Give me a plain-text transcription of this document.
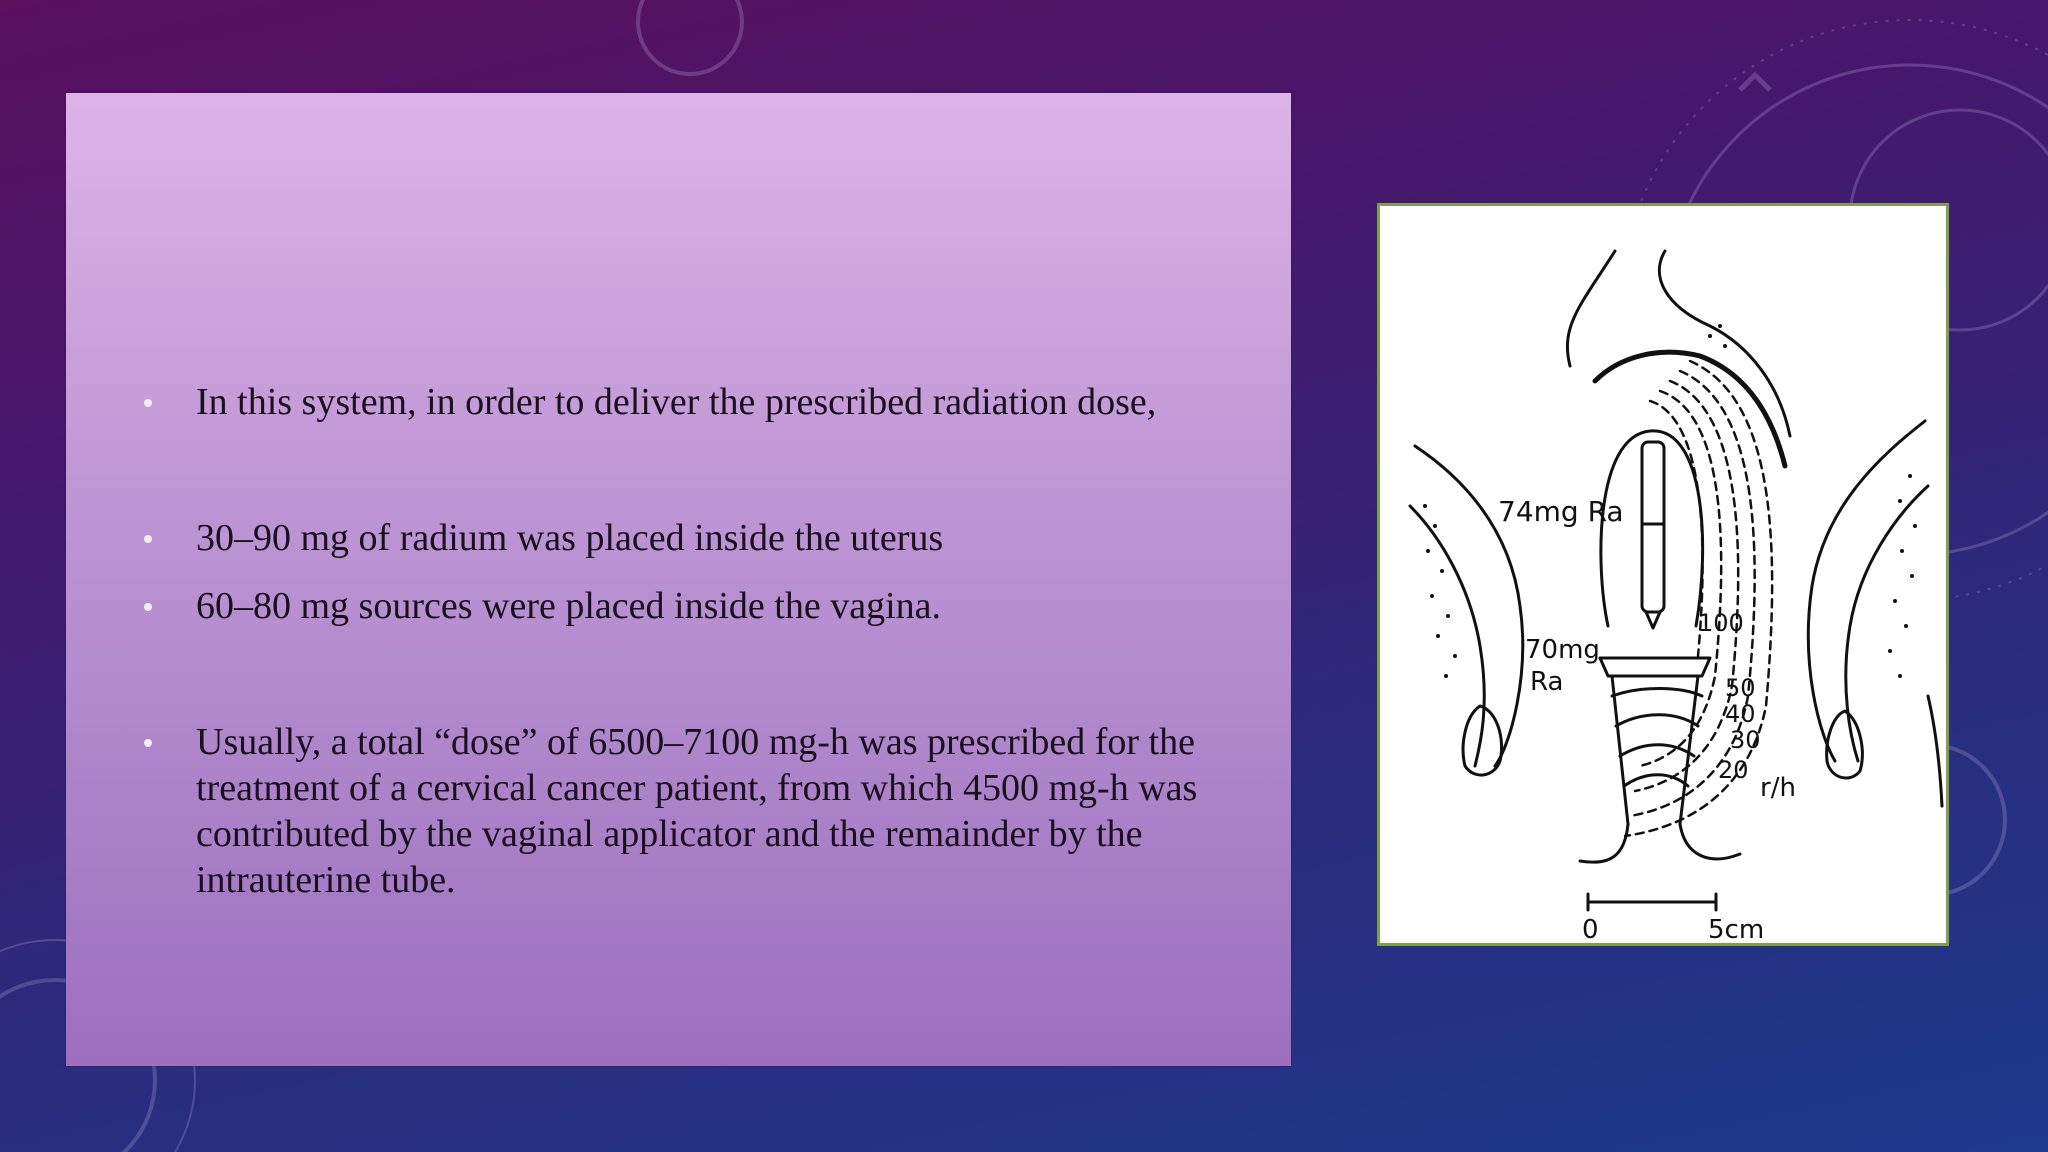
In this system, in order to deliver the prescribed radiation dose,
30–90 mg of radium was placed inside the uterus
60–80 mg sources were placed inside the vagina.
Usually, a total “dose” of 6500–7100 mg-h was prescribed for the treatment of a cervical cancer patient, from which 4500 mg-h was contributed by the vaginal applicator and the remainder by the intrauterine tube.
74mg Ra
70mg
Ra
100
50
40
30
20
r/h
0	5cm
